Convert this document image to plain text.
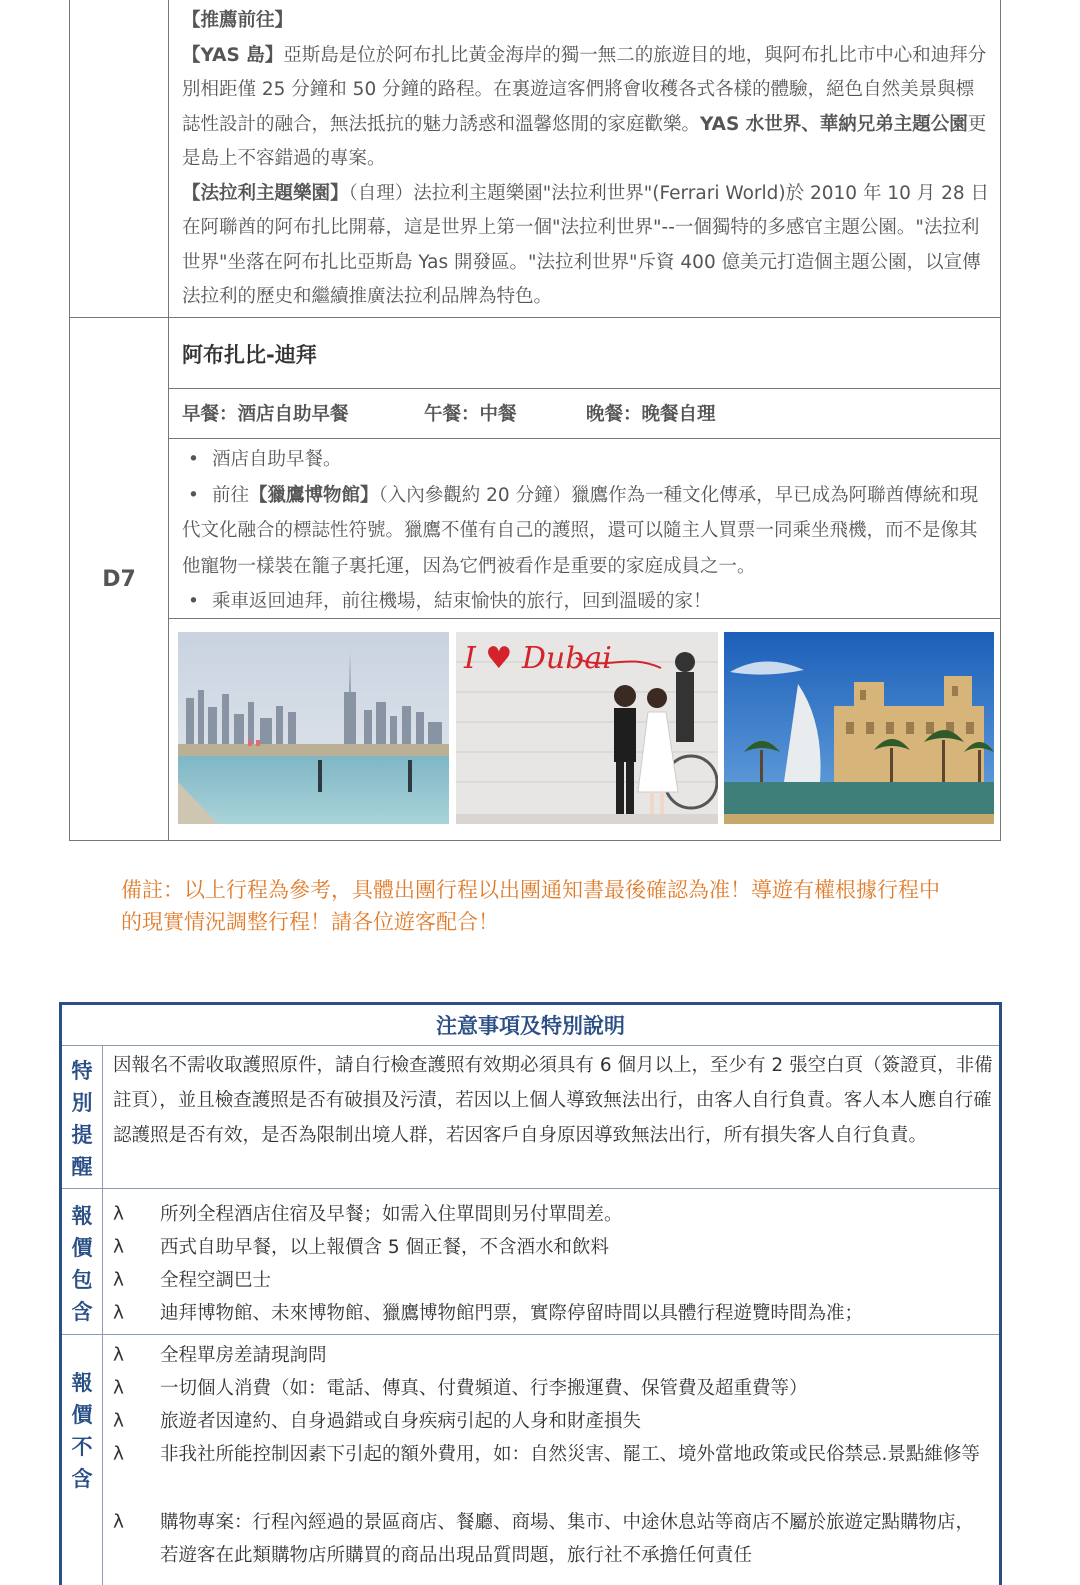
【推薦前往】
【YAS 島】亞斯島是位於阿布扎比黃金海岸的獨一無二的旅遊目的地，與阿布扎比市中心和迪拜分別相距僅 25 分鐘和 50 分鐘的路程。在裏遊這客們將會收穫各式各樣的體驗，絕色自然美景與標誌性設計的融合，無法抵抗的魅力誘惑和溫馨悠閒的家庭歡樂。YAS 水世界、華納兄弟主題公園更是島上不容錯過的專案。
【法拉利主題樂園】（自理）法拉利主題樂園"法拉利世界"(Ferrari World)於 2010 年 10 月 28 日在阿聯酋的阿布扎比開幕，這是世界上第一個"法拉利世界"--一個獨特的多感官主題公園。"法拉利世界"坐落在阿布扎比亞斯島 Yas 開發區。"法拉利世界"斥資 400 億美元打造個主題公園，以宣傳法拉利的歷史和繼續推廣法拉利品牌為特色。
D7
阿布扎比-迪拜
早餐：酒店自助早餐	午餐：中餐	晚餐：晚餐自理
• 酒店自助早餐。
• 前往【獵鷹博物館】（入內參觀約 20 分鐘）獵鷹作為一種文化傳承，早已成為阿聯酋傳統和現代文化融合的標誌性符號。獵鷹不僅有自己的護照，還可以隨主人買票一同乘坐飛機，而不是像其他寵物一樣裝在籠子裏托運，因為它們被看作是重要的家庭成員之一。
• 乘車返回迪拜，前往機場，結束愉快的旅行，回到溫暖的家！
I ♥ Dubai
備註：以上行程為參考，具體出團行程以出團通知書最後確認為准！導遊有權根據行程中的現實情況調整行程！請各位遊客配合！
注意事項及特別說明
特別提醒
因報名不需收取護照原件，請自行檢查護照有效期必須具有 6 個月以上，至少有 2 張空白頁（簽證頁，非備註頁），並且檢查護照是否有破損及污漬，若因以上個人導致無法出行，由客人自行負責。客人本人應自行確認護照是否有效，是否為限制出境人群，若因客戶自身原因導致無法出行，所有損失客人自行負責。
報價包含
λ 所列全程酒店住宿及早餐；如需入住單間則另付單間差。
λ 西式自助早餐，以上報價含 5 個正餐，不含酒水和飲料
λ 全程空調巴士
λ 迪拜博物館、未來博物館、獵鷹博物館門票，實際停留時間以具體行程遊覽時間為准；
報價不含
λ 全程單房差請現詢問
λ 一切個人消費（如：電話、傳真、付費頻道、行李搬運費、保管費及超重費等）
λ 旅遊者因違約、自身過錯或自身疾病引起的人身和財產損失
λ 非我社所能控制因素下引起的額外費用，如：自然災害、罷工、境外當地政策或民俗禁忌.景點維修等
λ 購物專案：行程內經過的景區商店、餐廳、商場、集市、中途休息站等商店不屬於旅遊定點購物店，若遊客在此類購物店所購買的商品出現品質問題，旅行社不承擔任何責任
